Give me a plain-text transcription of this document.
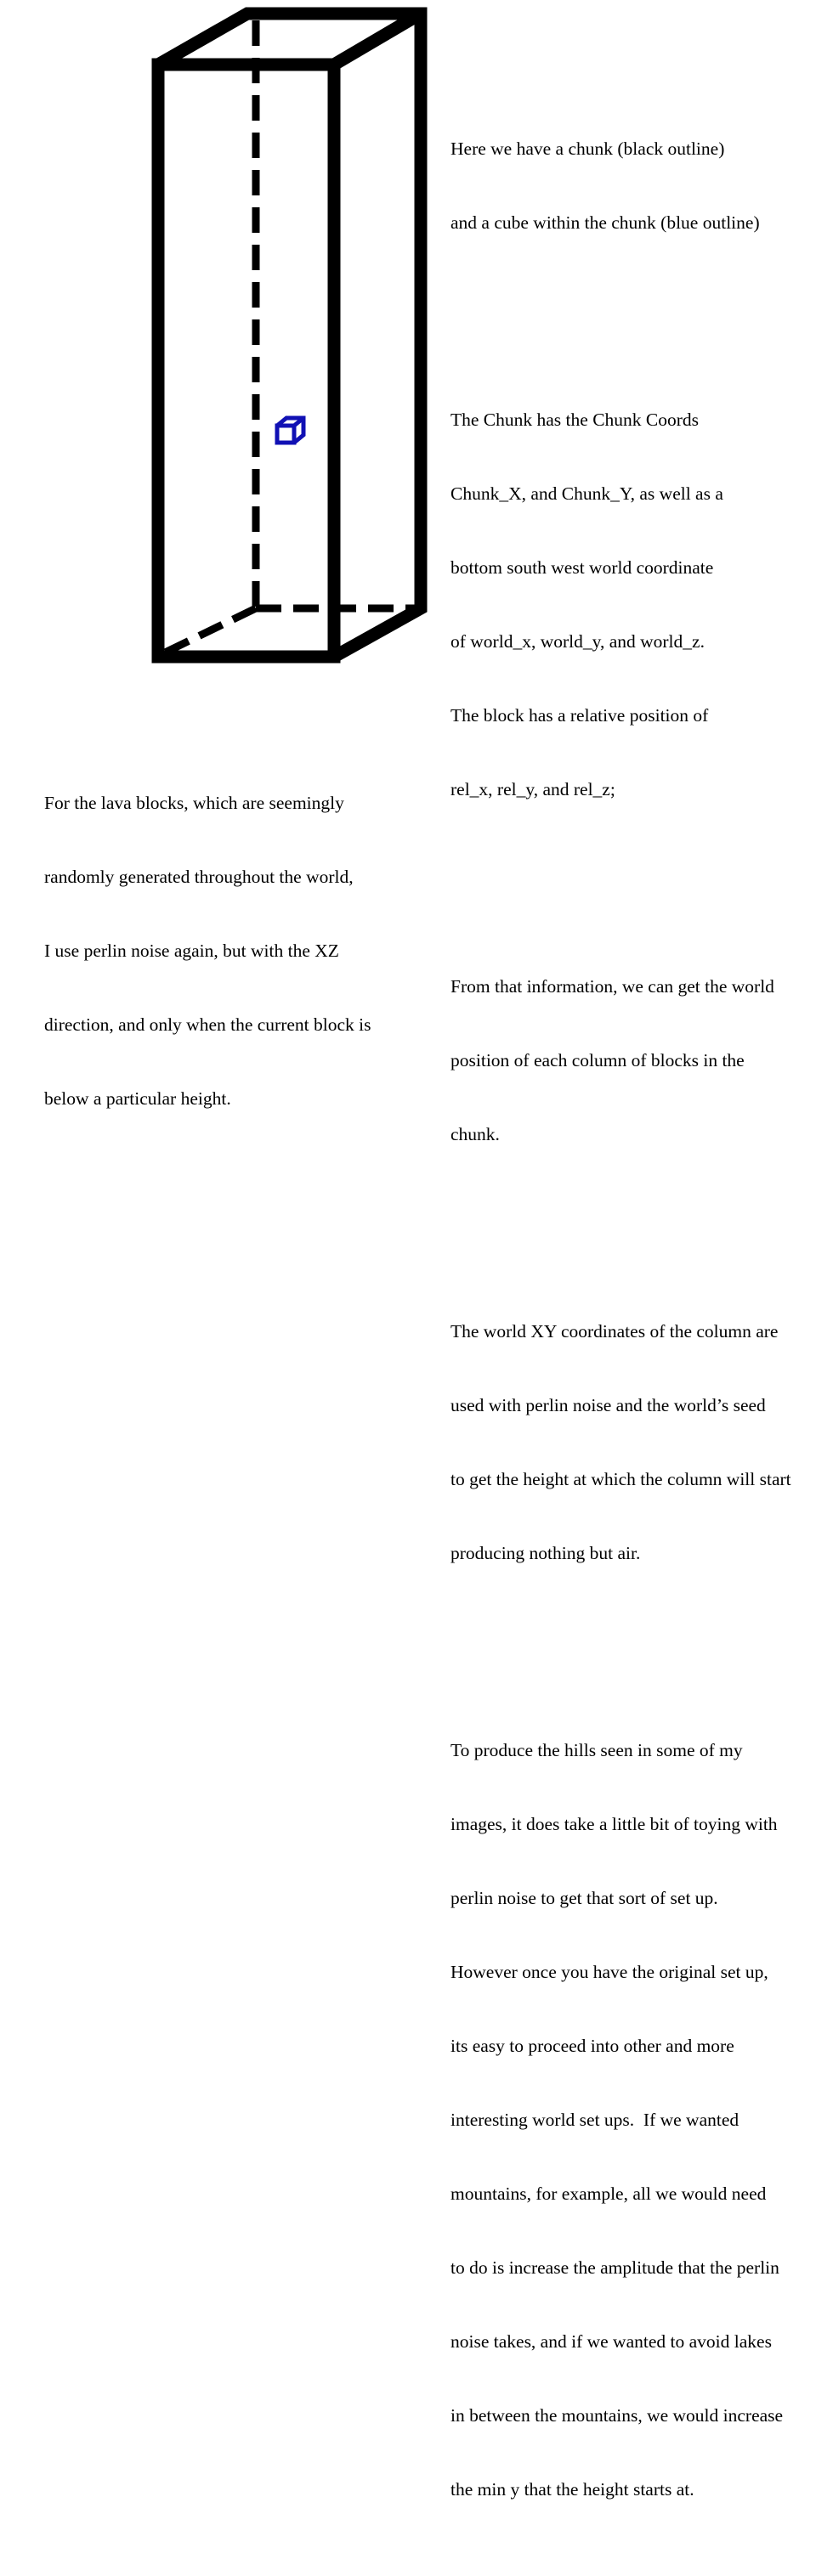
Here we have a chunk (black outline)

and a cube within the chunk (blue outline)

The Chunk has the Chunk Coords

Chunk_X, and Chunk_Y, as well as a

bottom south west world coordinate

of world_x, world_y, and world_z.

The block has a relative position of

rel_x, rel_y, and rel_z;

From that information, we can get the world

position of each column of blocks in the

chunk.

The world XY coordinates of the column are

used with perlin noise and the world’s seed

to get the height at which the column will start

producing nothing but air.

To produce the hills seen in some of my

images, it does take a little bit of toying with

perlin noise to get that sort of set up.

However once you have the original set up,

its easy to proceed into other and more

interesting world set ups.  If we wanted

mountains, for example, all we would need

to do is increase the amplitude that the perlin

noise takes, and if we wanted to avoid lakes

in between the mountains, we would increase

the min y that the height starts at.

For the lava blocks, which are seemingly

randomly generated throughout the world,

I use perlin noise again, but with the XZ

direction, and only when the current block is

below a particular height.
